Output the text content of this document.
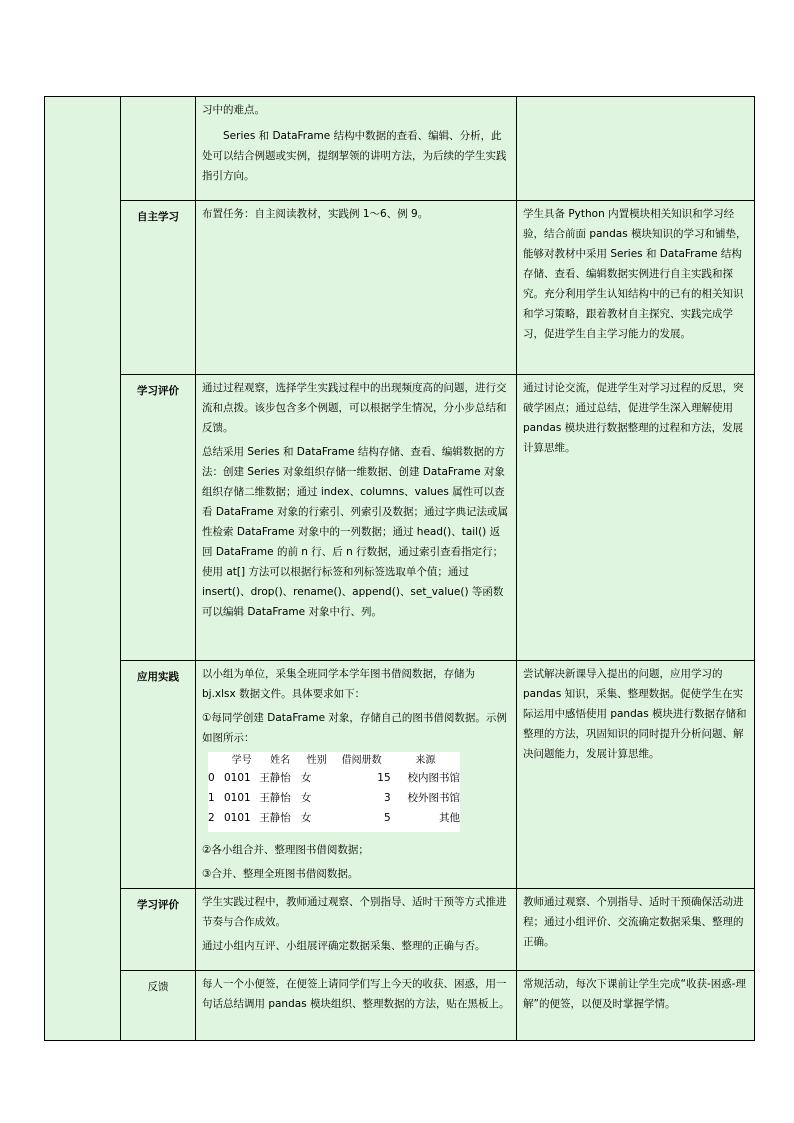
习中的难点。

Series 和 DataFrame 结构中数据的查看、编辑、分析，此处可以结合例题或实例，提纲挈领的讲明方法，为后续的学生实践指引方向。

自主学习	布置任务：自主阅读教材，实践例 1～6、例 9。	学生具备 Python 内置模块相关知识和学习经验，结合前面 pandas 模块知识的学习和铺垫，能够对教材中采用 Series 和 DataFrame 结构存储、查看、编辑数据实例进行自主实践和探究。充分利用学生认知结构中的已有的相关知识和学习策略，跟着教材自主探究、实践完成学习，促进学生自主学习能力的发展。
学习评价	通过过程观察，选择学生实践过程中的出现频度高的问题，进行交流和点拨。该步包含多个例题，可以根据学生情况，分小步总结和反馈。

总结采用 Series 和 DataFrame 结构存储、查看、编辑数据的方法：创建 Series 对象组织存储一维数据、创建 DataFrame 对象组织存储二维数据；通过 index、columns、values 属性可以查看 DataFrame 对象的行索引、列索引及数据；通过字典记法或属性检索 DataFrame 对象中的一列数据；通过 head()、tail() 返回 DataFrame 的前 n 行、后 n 行数据，通过索引查看指定行；使用 at[] 方法可以根据行标签和列标签选取单个值；通过 insert()、drop()、rename()、append()、set_value() 等函数可以编辑 DataFrame 对象中行、列。

	通过讨论交流，促进学生对学习过程的反思，突破学困点；通过总结，促进学生深入理解使用 pandas 模块进行数据整理的过程和方法，发展计算思维。
应用实践	以小组为单位，采集全班同学本学年图书借阅数据，存储为 bj.xlsx 数据文件。具体要求如下：

①每同学创建 DataFrame 对象，存储自己的图书借阅数据。示例如图所示：

	学号	姓名	性别	借阅册数	来源
0	0101	王静怡	女	15	校内图书馆
1	0101	王静怡	女	3	校外图书馆
2	0101	王静怡	女	5	其他

②各小组合并、整理图书借阅数据；

③合并、整理全班图书借阅数据。

	尝试解决新课导入提出的问题，应用学习的 pandas 知识，采集、整理数据。促使学生在实际运用中感悟使用 pandas 模块进行数据存储和整理的方法，巩固知识的同时提升分析问题、解决问题能力，发展计算思维。
学习评价	学生实践过程中，教师通过观察、个别指导、适时干预等方式推进节奏与合作成效。

通过小组内互评、小组展评确定数据采集、整理的正确与否。

	教师通过观察、个别指导、适时干预确保活动进程；通过小组评价、交流确定数据采集、整理的正确。
反馈	每人一个小便签，在便签上请同学们写上今天的收获、困惑，用一句话总结调用 pandas 模块组织、整理数据的方法，贴在黑板上。

	常规活动，每次下课前让学生完成“收获-困惑-理解”的便签，以便及时掌握学情。
